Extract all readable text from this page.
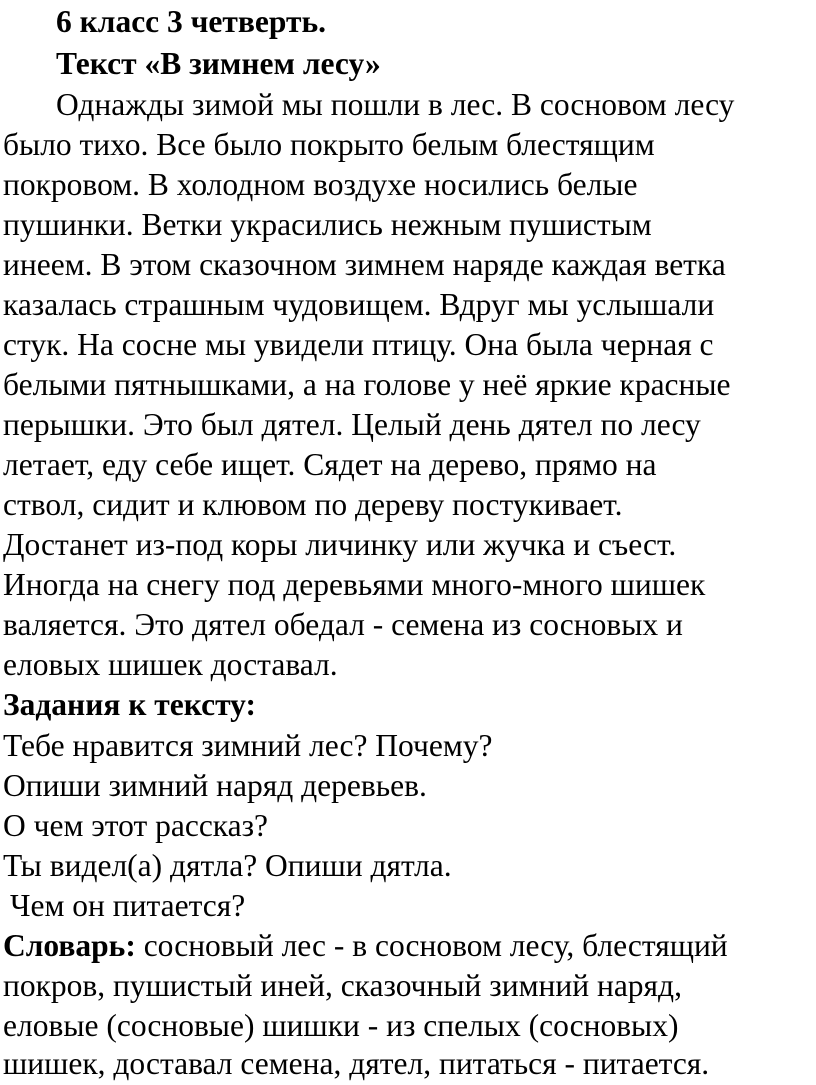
6 класс 3 четверть.

Текст «В зимнем лесу»

Однажды зимой мы пошли в лес. В сосновом лесу

было тихо. Все было покрыто белым блестящим

покровом. В холодном воздухе носились белые

пушинки. Ветки украсились нежным пушистым

инеем. В этом сказочном зимнем наряде каждая ветка

казалась страшным чудовищем. Вдруг мы услышали

стук. На сосне мы увидели птицу. Она была черная с

белыми пятнышками, а на голове у неё яркие красные

перышки. Это был дятел. Целый день дятел по лесу

летает, еду себе ищет. Сядет на дерево, прямо на

ствол, сидит и клювом по дереву постукивает.

Достанет из-под коры личинку или жучка и съест.

Иногда на снегу под деревьями много-много шишек

валяется. Это дятел обедал - семена из сосновых и

еловых шишек доставал.

Задания к тексту:

Тебе нравится зимний лес? Почему?

Опиши зимний наряд деревьев.

О чем этот рассказ?

Ты видел(а) дятла? Опиши дятла.

Чем он питается?

Словарь: сосновый лес - в сосновом лесу, блестящий

покров, пушистый иней, сказочный зимний наряд,

еловые (сосновые) шишки - из спелых (сосновых)

шишек, доставал семена, дятел, питаться - питается.
